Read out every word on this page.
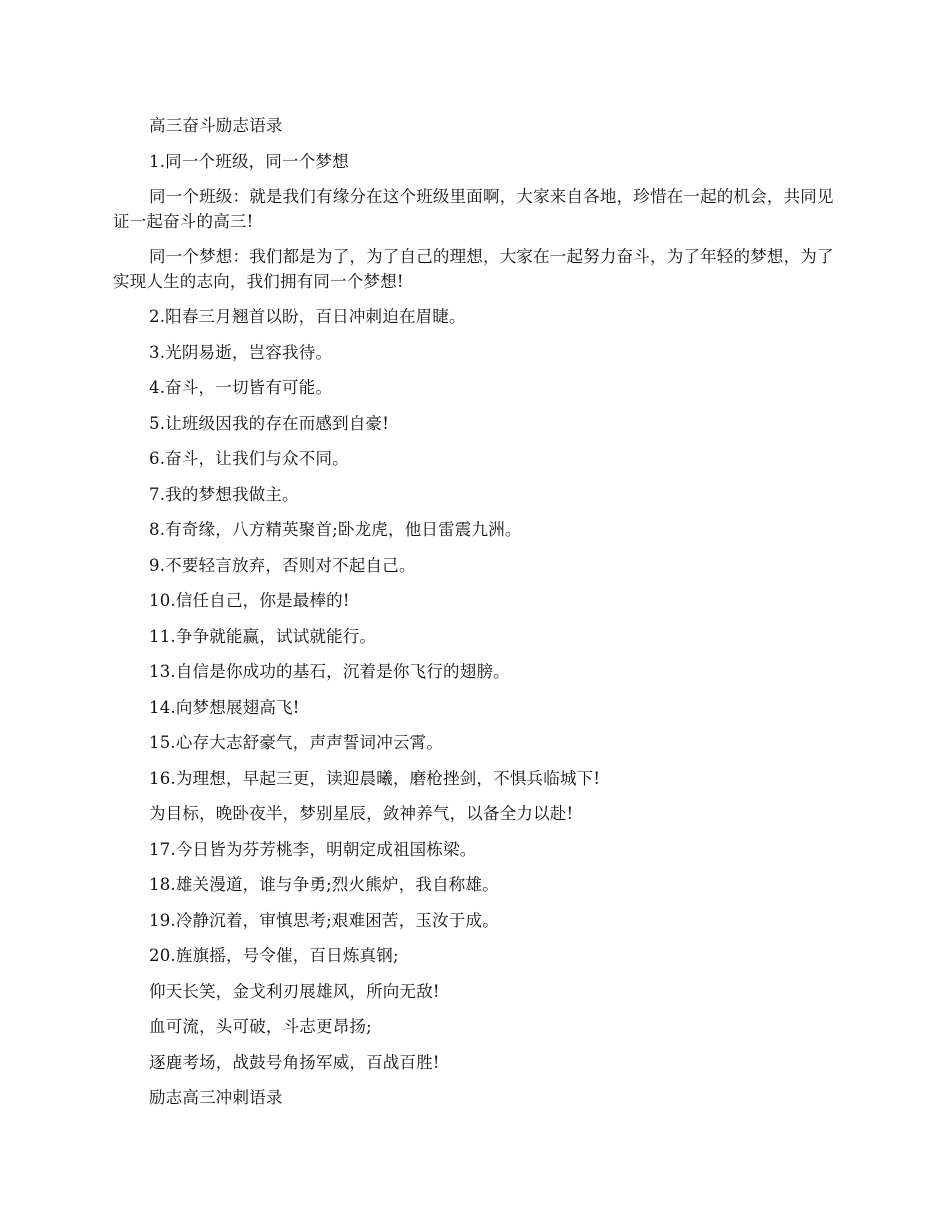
高三奋斗励志语录

1.同一个班级，同一个梦想

同一个班级：就是我们有缘分在这个班级里面啊，大家来自各地，珍惜在一起的机会，共同见证一起奋斗的高三!

同一个梦想：我们都是为了，为了自己的理想，大家在一起努力奋斗，为了年轻的梦想，为了实现人生的志向，我们拥有同一个梦想!

2.阳春三月翘首以盼，百日冲刺迫在眉睫。

3.光阴易逝，岂容我待。

4.奋斗，一切皆有可能。

5.让班级因我的存在而感到自豪!

6.奋斗，让我们与众不同。

7.我的梦想我做主。

8.有奇缘，八方精英聚首;卧龙虎，他日雷震九洲。

9.不要轻言放弃，否则对不起自己。

10.信任自己，你是最棒的!

11.争争就能赢，试试就能行。

13.自信是你成功的基石，沉着是你飞行的翅膀。

14.向梦想展翅高飞!

15.心存大志舒豪气，声声誓词冲云霄。

16.为理想，早起三更，读迎晨曦，磨枪挫剑，不惧兵临城下!

为目标，晚卧夜半，梦别星辰，敛神养气，以备全力以赴!

17.今日皆为芬芳桃李，明朝定成祖国栋梁。

18.雄关漫道，谁与争勇;烈火熊炉，我自称雄。

19.冷静沉着，审慎思考;艰难困苦，玉汝于成。

20.旌旗摇，号令催，百日炼真钢;

仰天长笑，金戈利刃展雄风，所向无敌!

血可流，头可破，斗志更昂扬;

逐鹿考场，战鼓号角扬军威，百战百胜!

励志高三冲刺语录
